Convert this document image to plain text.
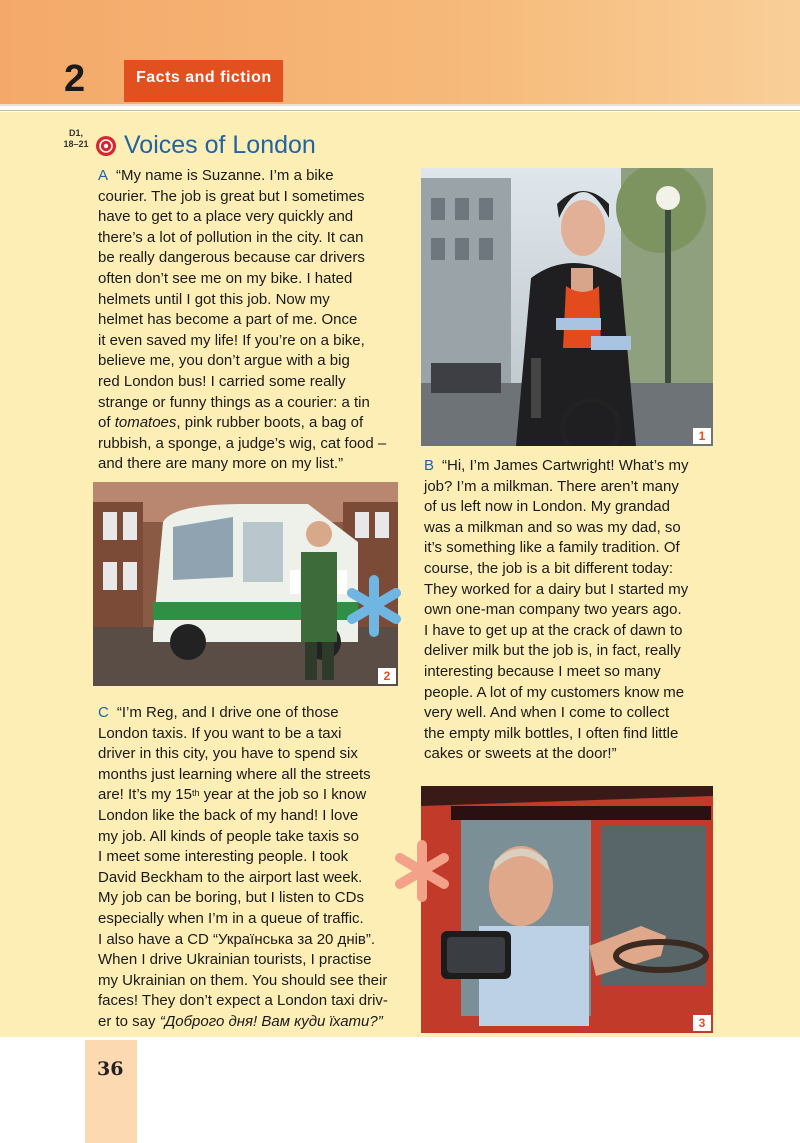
2	Facts and fiction
D1,
18–21 Voices of London
A “My name is Suzanne. I’m a bike
courier. The job is great but I sometimes
have to get to a place very quickly and
there’s a lot of pollution in the city. It can
be really dangerous because car drivers
often don’t see me on my bike. I hated
helmets until I got this job. Now my
helmet has become a part of me. Once
it even saved my life! If you’re on a bike,
believe me, you don’t argue with a big
red London bus! I carried some really
strange or funny things as a courier: a tin
of tomatoes, pink rubber boots, a bag of
rubbish, a sponge, a judge’s wig, cat food –
and there are many more on my list.”
1
2
B “Hi, I’m James Cartwright! What’s my
job? I’m a milkman. There aren’t many
of us left now in London. My grandad
was a milkman and so was my dad, so
it’s something like a family tradition. Of
course, the job is a bit different today:
They worked for a dairy but I started my
own one-man company two years ago.
I have to get up at the crack of dawn to
deliver milk but the job is, in fact, really
interesting because I meet so many
people. A lot of my customers know me
very well. And when I come to collect
the empty milk bottles, I often find little
cakes or sweets at the door!”
C “I’m Reg, and I drive one of those
London taxis. If you want to be a taxi
driver in this city, you have to spend six
months just learning where all the streets
are! It’s my 15th year at the job so I know
London like the back of my hand! I love
my job. All kinds of people take taxis so
I meet some interesting people. I took
David Beckham to the airport last week.
My job can be boring, but I listen to CDs
especially when I’m in a queue of traffic.
I also have a CD “Українська за 20 днів”.
When I drive Ukrainian tourists, I practise
my Ukrainian on them. You should see their
faces! They don’t expect a London taxi driv-
er to say “Доброго дня! Вам куди їхати?”	3
36
